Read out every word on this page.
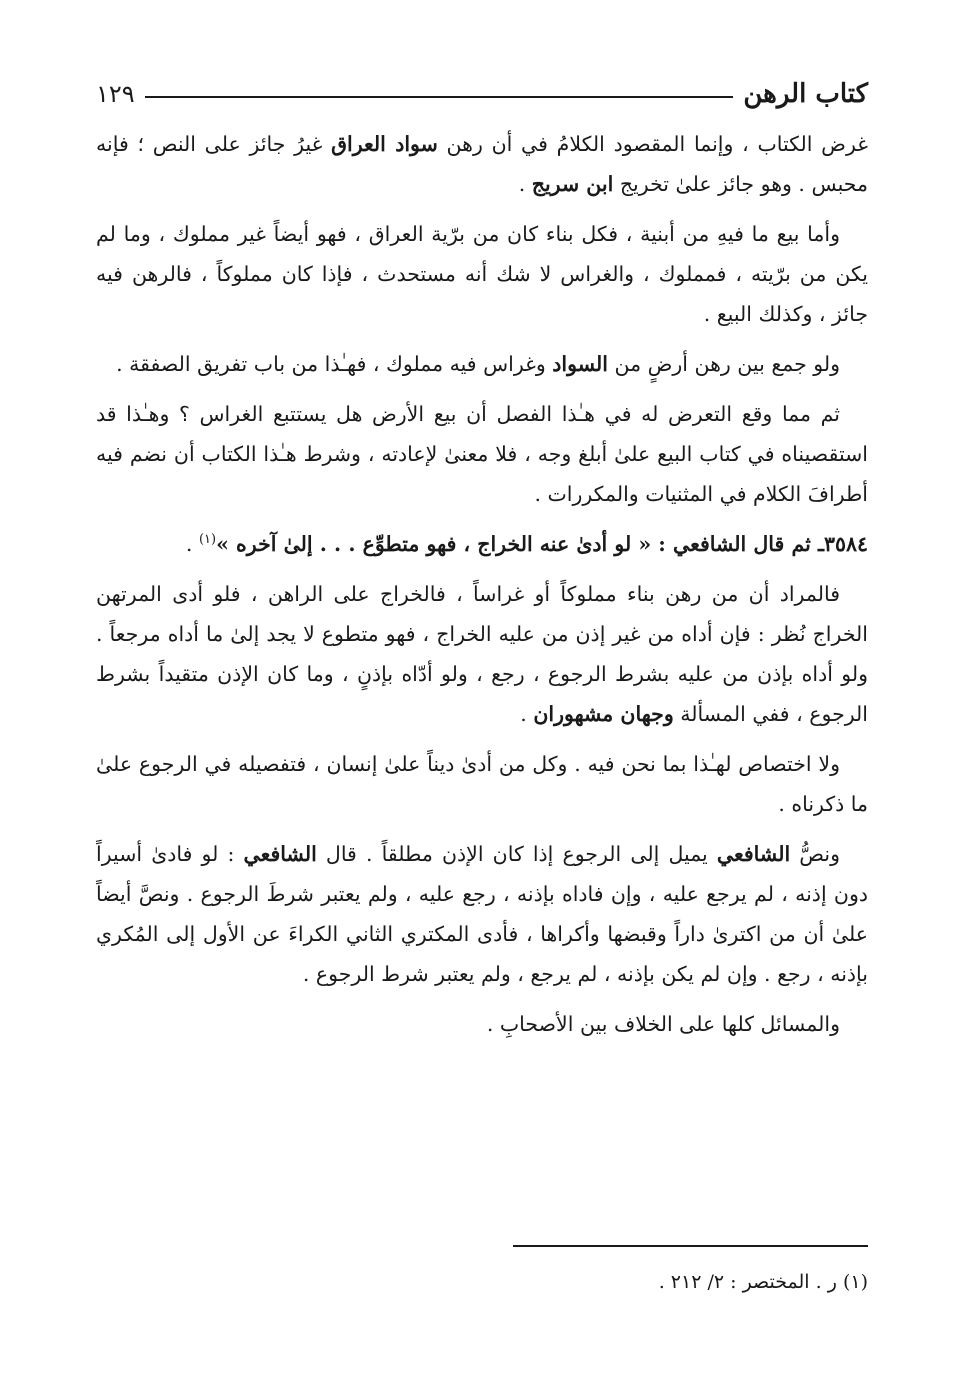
كتاب الرهن
١٢٩

غرض الكتاب ، وإنما المقصود الكلامُ في أن رهن سواد العراق غيرُ جائز على النص ؛ فإنه محبس . وهو جائز علىٰ تخريج ابن سريج .

وأما بيع ما فيهِ من أبنية ، فكل بناء كان من برّية العراق ، فهو أيضاً غير مملوك ، وما لم يكن من برّيته ، فمملوك ، والغراس لا شك أنه مستحدث ، فإذا كان مملوكاً ، فالرهن فيه جائز ، وكذلك البيع .

ولو جمع بين رهن أرضٍ من السواد وغراس فيه مملوك ، فهـٰذا من باب تفريق الصفقة .

ثم مما وقع التعرض له في هـٰذا الفصل أن بيع الأرض هل يستتبع الغراس ؟ وهـٰذا قد استقصيناه في كتاب البيع علىٰ أبلغ وجه ، فلا معنىٰ لإعادته ، وشرط هـٰذا الكتاب أن نضم فيه أطرافَ الكلام في المثنيات والمكررات .

٣٥٨٤ـ ثم قال الشافعي : « لو أدىٰ عنه الخراج ، فهو متطوِّع . . . إلىٰ آخره »$^{(١)}$ .

فالمراد أن من رهن بناء مملوكاً أو غراساً ، فالخراج على الراهن ، فلو أدى المرتهن الخراج نُظر : فإن أداه من غير إذن من عليه الخراج ، فهو متطوع لا يجد إلىٰ ما أداه مرجعاً . ولو أداه بإذن من عليه بشرط الرجوع ، رجع ، ولو أدّاه بإذنٍ ، وما كان الإذن متقيداً بشرط الرجوع ، ففي المسألة وجهان مشهوران .

ولا اختصاص لهـٰذا بما نحن فيه . وكل من أدىٰ ديناً علىٰ إنسان ، فتفصيله في الرجوع علىٰ ما ذكرناه .

ونصُّ الشافعي يميل إلى الرجوع إذا كان الإذن مطلقاً . قال الشافعي : لو فادىٰ أسيراً دون إذنه ، لم يرجع عليه ، وإن فاداه بإذنه ، رجع عليه ، ولم يعتبر شرطَ الرجوع . ونصَّ أيضاً علىٰ أن من اكترىٰ داراً وقبضها وأكراها ، فأدى المكتري الثاني الكراءَ عن الأول إلى المُكري بإذنه ، رجع . وإن لم يكن بإذنه ، لم يرجع ، ولم يعتبر شرط الرجوع .

والمسائل كلها على الخلاف بين الأصحابِ .

(١) ر . المختصر : ٢/ ٢١٢ .
